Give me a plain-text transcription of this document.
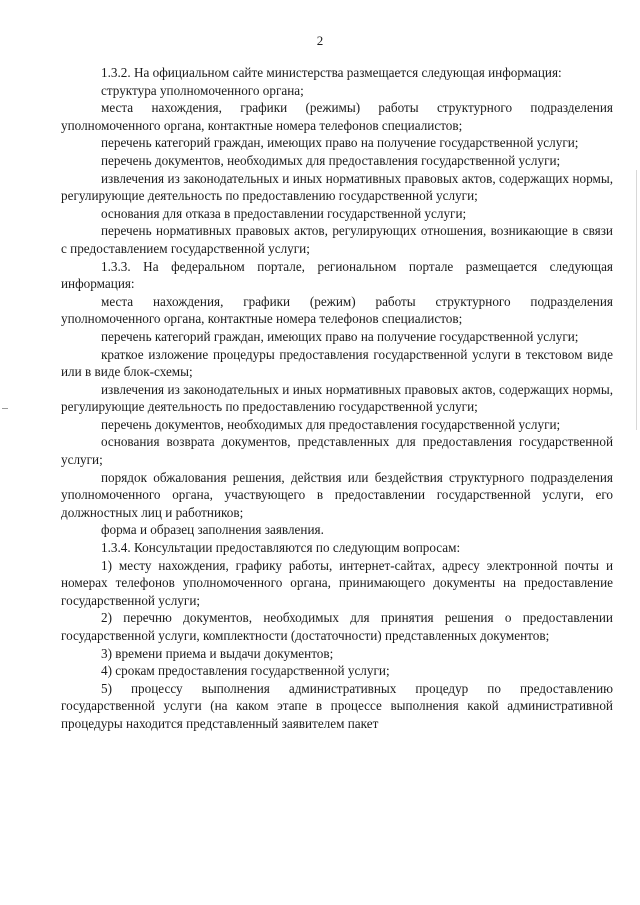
2

1.3.2. На официальном сайте министерства размещается следующая информация:

структура уполномоченного органа;

места нахождения, графики (режимы) работы структурного подразделения уполномоченного органа, контактные номера телефонов специалистов;

перечень категорий граждан, имеющих право на получение государственной услуги;

перечень документов, необходимых для предоставления государственной услуги;

извлечения из законодательных и иных нормативных правовых актов, содержащих нормы, регулирующие деятельность по предоставлению государственной услуги;

основания для отказа в предоставлении государственной услуги;

перечень нормативных правовых актов, регулирующих отношения, возникающие в связи с предоставлением государственной услуги;

1.3.3. На федеральном портале, региональном портале размещается следующая информация:

места нахождения, графики (режим) работы структурного подразделения уполномоченного органа, контактные номера телефонов специалистов;

перечень категорий граждан, имеющих право на получение государственной услуги;

краткое изложение процедуры предоставления государственной услуги в текстовом виде или в виде блок-схемы;

извлечения из законодательных и иных нормативных правовых актов, содержащих нормы, регулирующие деятельность по предоставлению государственной услуги;

перечень документов, необходимых для предоставления государственной услуги;

основания возврата документов, представленных для предоставления государственной услуги;

порядок обжалования решения, действия или бездействия структурного подразделения уполномоченного органа, участвующего в предоставлении государственной услуги, его должностных лиц и работников;

форма и образец заполнения заявления.

1.3.4. Консультации предоставляются по следующим вопросам:

1) месту нахождения, графику работы, интернет-сайтах, адресу электронной почты и номерах телефонов уполномоченного органа, принимающего документы на предоставление государственной услуги;

2) перечню документов, необходимых для принятия решения о предоставлении государственной услуги, комплектности (достаточности) представленных документов;

3) времени приема и выдачи документов;

4) срокам предоставления государственной услуги;

5) процессу выполнения административных процедур по предоставлению государственной услуги (на каком этапе в процессе выполнения какой административной процедуры находится представленный заявителем пакет
